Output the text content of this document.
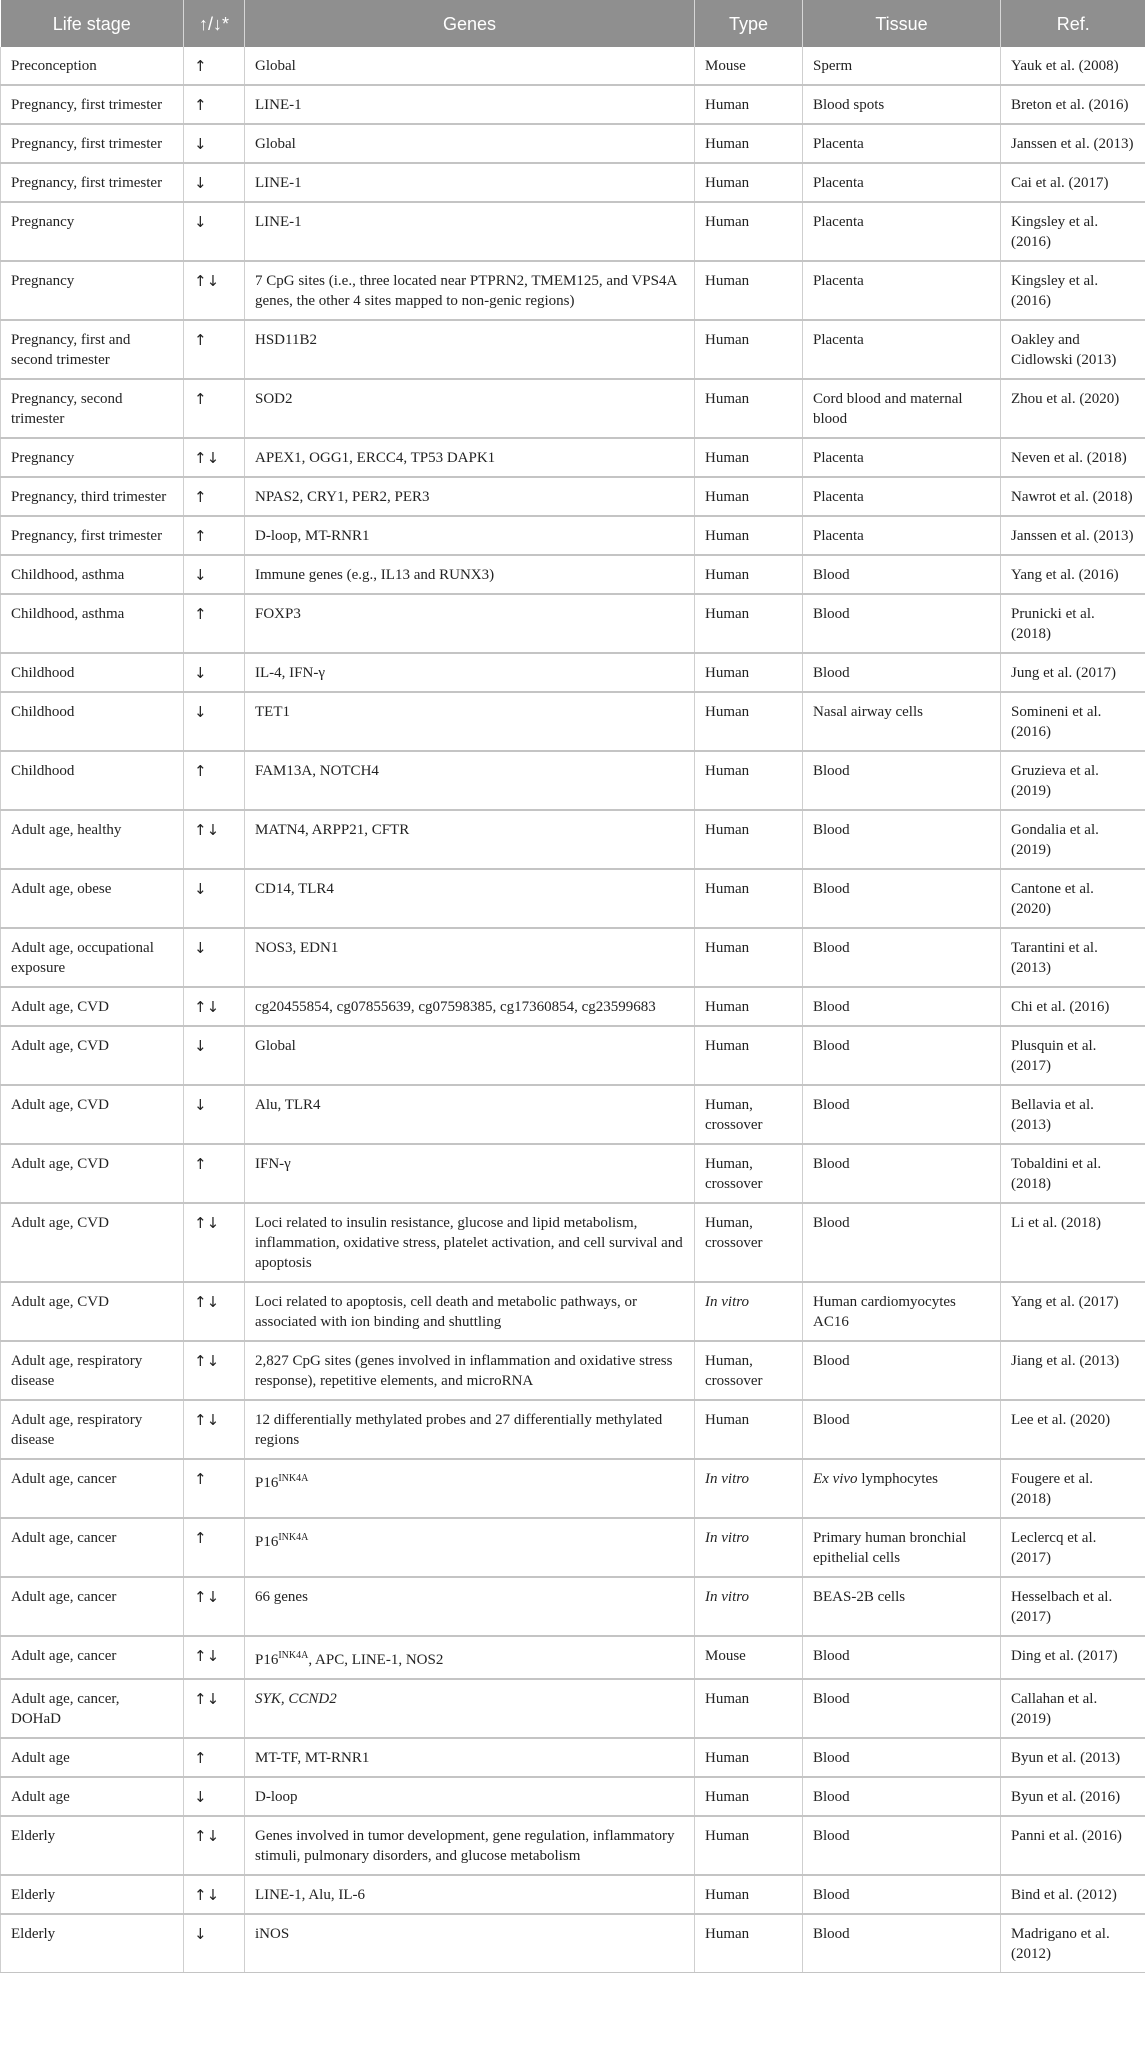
Life stage	↑/↓*	Genes	Type	Tissue	Ref.
Preconception	↑	Global	Mouse	Sperm	Yauk et al. (2008)
Pregnancy, first trimester	↑	LINE-1	Human	Blood spots	Breton et al. (2016)
Pregnancy, first trimester	↓	Global	Human	Placenta	Janssen et al. (2013)
Pregnancy, first trimester	↓	LINE-1	Human	Placenta	Cai et al. (2017)
Pregnancy	↓	LINE-1	Human	Placenta	Kingsley et al. (2016)
Pregnancy	↑↓	7 CpG sites (i.e., three located near PTPRN2, TMEM125, and VPS4A genes, the other 4 sites mapped to non-genic regions)	Human	Placenta	Kingsley et al. (2016)
Pregnancy, first and second trimester	↑	HSD11B2	Human	Placenta	Oakley and Cidlowski (2013)
Pregnancy, second trimester	↑	SOD2	Human	Cord blood and maternal blood	Zhou et al. (2020)
Pregnancy	↑↓	APEX1, OGG1, ERCC4, TP53 DAPK1	Human	Placenta	Neven et al. (2018)
Pregnancy, third trimester	↑	NPAS2, CRY1, PER2, PER3	Human	Placenta	Nawrot et al. (2018)
Pregnancy, first trimester	↑	D-loop, MT-RNR1	Human	Placenta	Janssen et al. (2013)
Childhood, asthma	↓	Immune genes (e.g., IL13 and RUNX3)	Human	Blood	Yang et al. (2016)
Childhood, asthma	↑	FOXP3	Human	Blood	Prunicki et al. (2018)
Childhood	↓	IL-4, IFN-γ	Human	Blood	Jung et al. (2017)
Childhood	↓	TET1	Human	Nasal airway cells	Somineni et al. (2016)
Childhood	↑	FAM13A, NOTCH4	Human	Blood	Gruzieva et al. (2019)
Adult age, healthy	↑↓	MATN4, ARPP21, CFTR	Human	Blood	Gondalia et al. (2019)
Adult age, obese	↓	CD14, TLR4	Human	Blood	Cantone et al. (2020)
Adult age, occupational exposure	↓	NOS3, EDN1	Human	Blood	Tarantini et al. (2013)
Adult age, CVD	↑↓	cg20455854, cg07855639, cg07598385, cg17360854, cg23599683	Human	Blood	Chi et al. (2016)
Adult age, CVD	↓	Global	Human	Blood	Plusquin et al. (2017)
Adult age, CVD	↓	Alu, TLR4	Human, crossover	Blood	Bellavia et al. (2013)
Adult age, CVD	↑	IFN-γ	Human, crossover	Blood	Tobaldini et al. (2018)
Adult age, CVD	↑↓	Loci related to insulin resistance, glucose and lipid metabolism, inflammation, oxidative stress, platelet activation, and cell survival and apoptosis	Human, crossover	Blood	Li et al. (2018)
Adult age, CVD	↑↓	Loci related to apoptosis, cell death and metabolic pathways, or associated with ion binding and shuttling	In vitro	Human cardiomyocytes AC16	Yang et al. (2017)
Adult age, respiratory disease	↑↓	2,827 CpG sites (genes involved in inflammation and oxidative stress response), repetitive elements, and microRNA	Human, crossover	Blood	Jiang et al. (2013)
Adult age, respiratory disease	↑↓	12 differentially methylated probes and 27 differentially methylated regions	Human	Blood	Lee et al. (2020)
Adult age, cancer	↑	$P16^{INK4A}$	In vitro	Ex vivo lymphocytes	Fougere et al. (2018)
Adult age, cancer	↑	$P16^{INK4A}$	In vitro	Primary human bronchial epithelial cells	Leclercq et al. (2017)
Adult age, cancer	↑↓	66 genes	In vitro	BEAS-2B cells	Hesselbach et al. (2017)
Adult age, cancer	↑↓	$P16^{INK4A}$, APC, LINE-1, NOS2	Mouse	Blood	Ding et al. (2017)
Adult age, cancer, DOHaD	↑↓	SYK, CCND2	Human	Blood	Callahan et al. (2019)
Adult age	↑	MT-TF, MT-RNR1	Human	Blood	Byun et al. (2013)
Adult age	↓	D-loop	Human	Blood	Byun et al. (2016)
Elderly	↑↓	Genes involved in tumor development, gene regulation, inflammatory stimuli, pulmonary disorders, and glucose metabolism	Human	Blood	Panni et al. (2016)
Elderly	↑↓	LINE-1, Alu, IL-6	Human	Blood	Bind et al. (2012)
Elderly	↓	iNOS	Human	Blood	Madrigano et al. (2012)
